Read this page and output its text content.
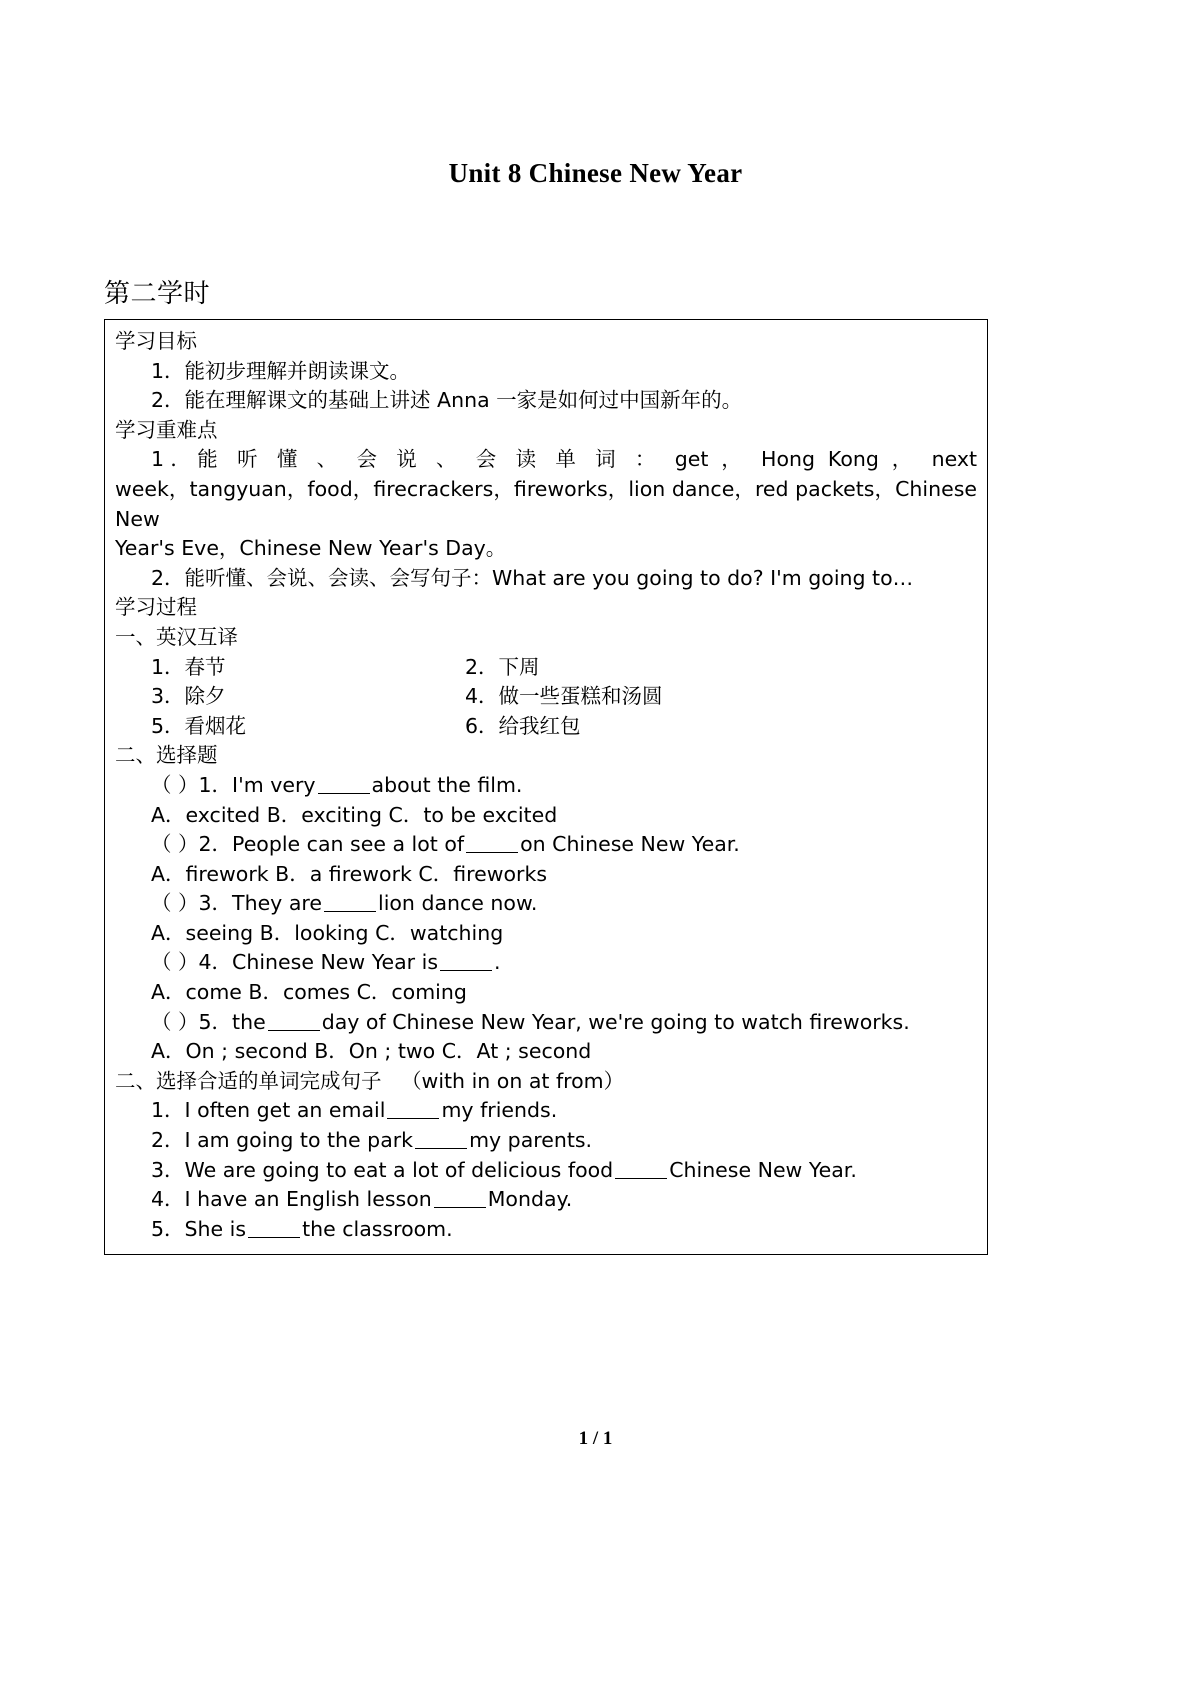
Unit 8 Chinese New Year
第二学时
学习目标
1．能初步理解并朗读课文。
2．能在理解课文的基础上讲述 Anna 一家是如何过中国新年的。
学习重难点
1．能 听 懂 、 会 说 、 会 读 单 词 ： get ， Hong Kong ， next
week，tangyuan，food，firecrackers，fireworks，lion dance，red packets，Chinese New
Year's Eve，Chinese New Year's Day。
2．能听懂、会说、会读、会写句子：What are you going to do? I'm going to…
学习过程
一、英汉互译
1．春节	2．下周
3．除夕	4．做一些蛋糕和汤圆
5．看烟花	6．给我红包
二、选择题
（ ）1．I'm very	about the film.
A．excited B．exciting C．to be excited
（ ）2．People can see a lot of	on Chinese New Year.
A．firework B．a firework C．fireworks
（ ）3．They are	lion dance now.
A．seeing B．looking C．watching
（ ）4．Chinese New Year is	.
A．come B．comes C．coming
（ ）5．the	day of Chinese New Year, we're going to watch fireworks.
A．On ; second B．On ; two C．At ; second
二、选择合适的单词完成句子 （with in on at from）
1．I often get an email	my friends.
2．I am going to the park	my parents.
3．We are going to eat a lot of delicious food	Chinese New Year.
4．I have an English lesson	Monday.
5．She is	the classroom.
1 / 1
